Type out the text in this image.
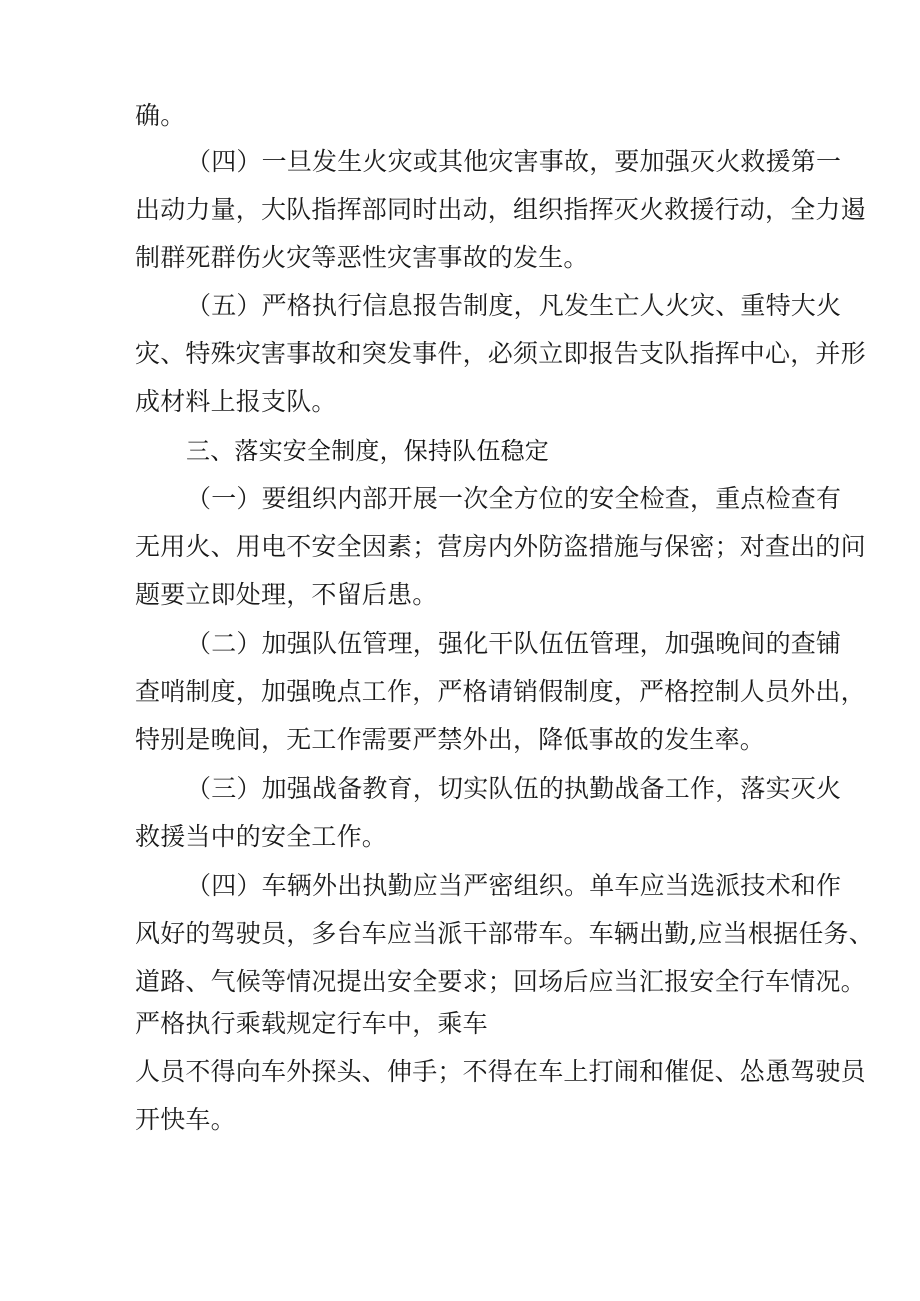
确。
（四）一旦发生火灾或其他灾害事故，要加强灭火救援第一
出动力量，大队指挥部同时出动，组织指挥灭火救援行动，全力遏
制群死群伤火灾等恶性灾害事故的发生。
（五）严格执行信息报告制度，凡发生亡人火灾、重特大火
灾、特殊灾害事故和突发事件，必须立即报告支队指挥中心，并形
成材料上报支队。
三、落实安全制度，保持队伍稳定
（一）要组织内部开展一次全方位的安全检查，重点检查有
无用火、用电不安全因素；营房内外防盗措施与保密；对查出的问
题要立即处理，不留后患。
（二）加强队伍管理，强化干队伍伍管理，加强晚间的查铺
查哨制度，加强晚点工作，严格请销假制度，严格控制人员外出，
特别是晚间，无工作需要严禁外出，降低事故的发生率。
（三）加强战备教育，切实队伍的执勤战备工作，落实灭火
救援当中的安全工作。
（四）车辆外出执勤应当严密组织。单车应当选派技术和作
风好的驾驶员，多台车应当派干部带车。车辆出勤,应当根据任务、
道路、气候等情况提出安全要求；回场后应当汇报安全行车情况。
严格执行乘载规定行车中，乘车
人员不得向车外探头、伸手；不得在车上打闹和催促、怂恿驾驶员
开快车。
